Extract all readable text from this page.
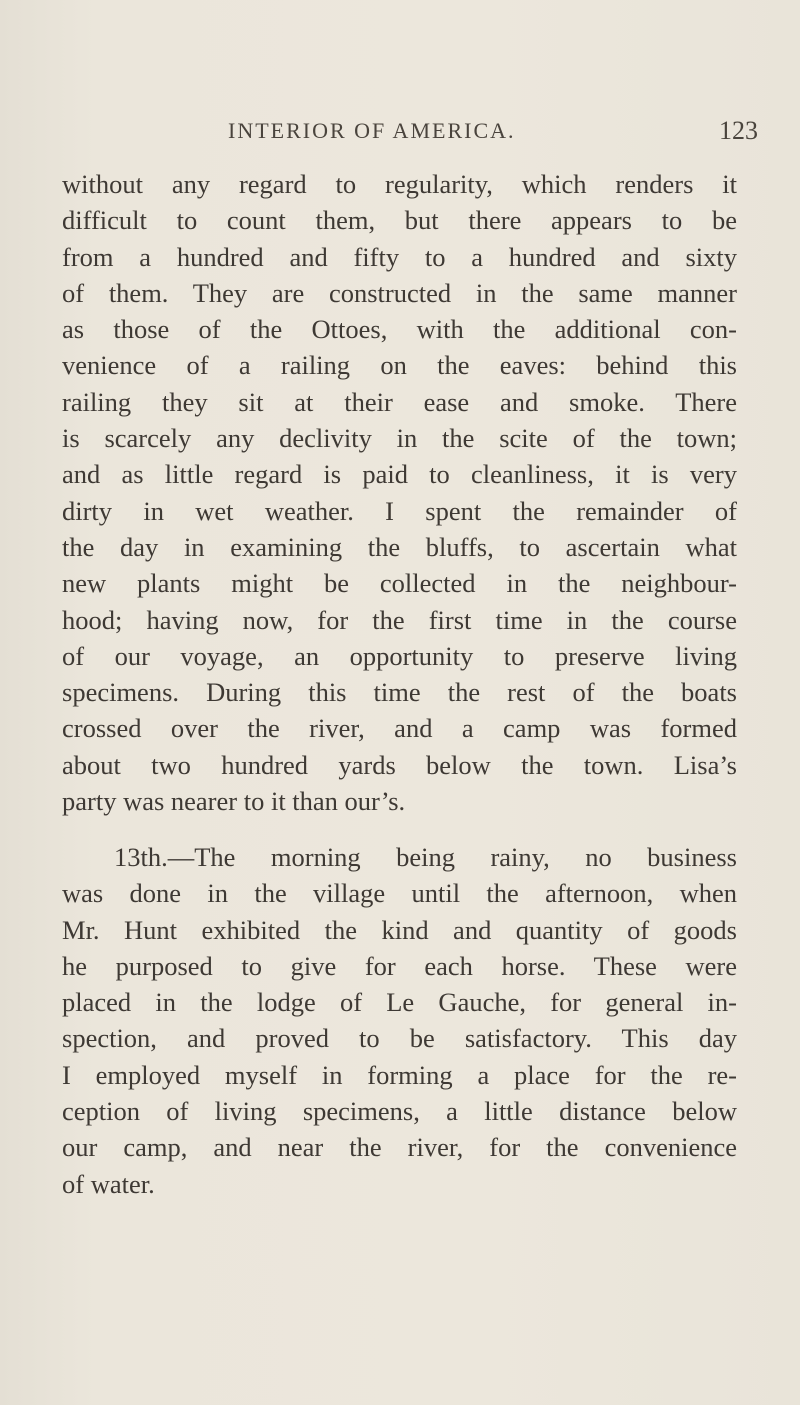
INTERIOR OF AMERICA.	123
without any regard to regularity, which renders it
difficult to count them, but there appears to be
from a hundred and fifty to a hundred and sixty
of them. They are constructed in the same manner
as those of the Ottoes, with the additional con-
venience of a railing on the eaves: behind this
railing they sit at their ease and smoke. There
is scarcely any declivity in the scite of the town;
and as little regard is paid to cleanliness, it is very
dirty in wet weather. I spent the remainder of
the day in examining the bluffs, to ascertain what
new plants might be collected in the neighbour-
hood; having now, for the first time in the course
of our voyage, an opportunity to preserve living
specimens. During this time the rest of the boats
crossed over the river, and a camp was formed
about two hundred yards below the town. Lisa’s
party was nearer to it than our’s.
13th.—The morning being rainy, no business
was done in the village until the afternoon, when
Mr. Hunt exhibited the kind and quantity of goods
he purposed to give for each horse. These were
placed in the lodge of Le Gauche, for general in-
spection, and proved to be satisfactory. This day
I employed myself in forming a place for the re-
ception of living specimens, a little distance below
our camp, and near the river, for the convenience
of water.
